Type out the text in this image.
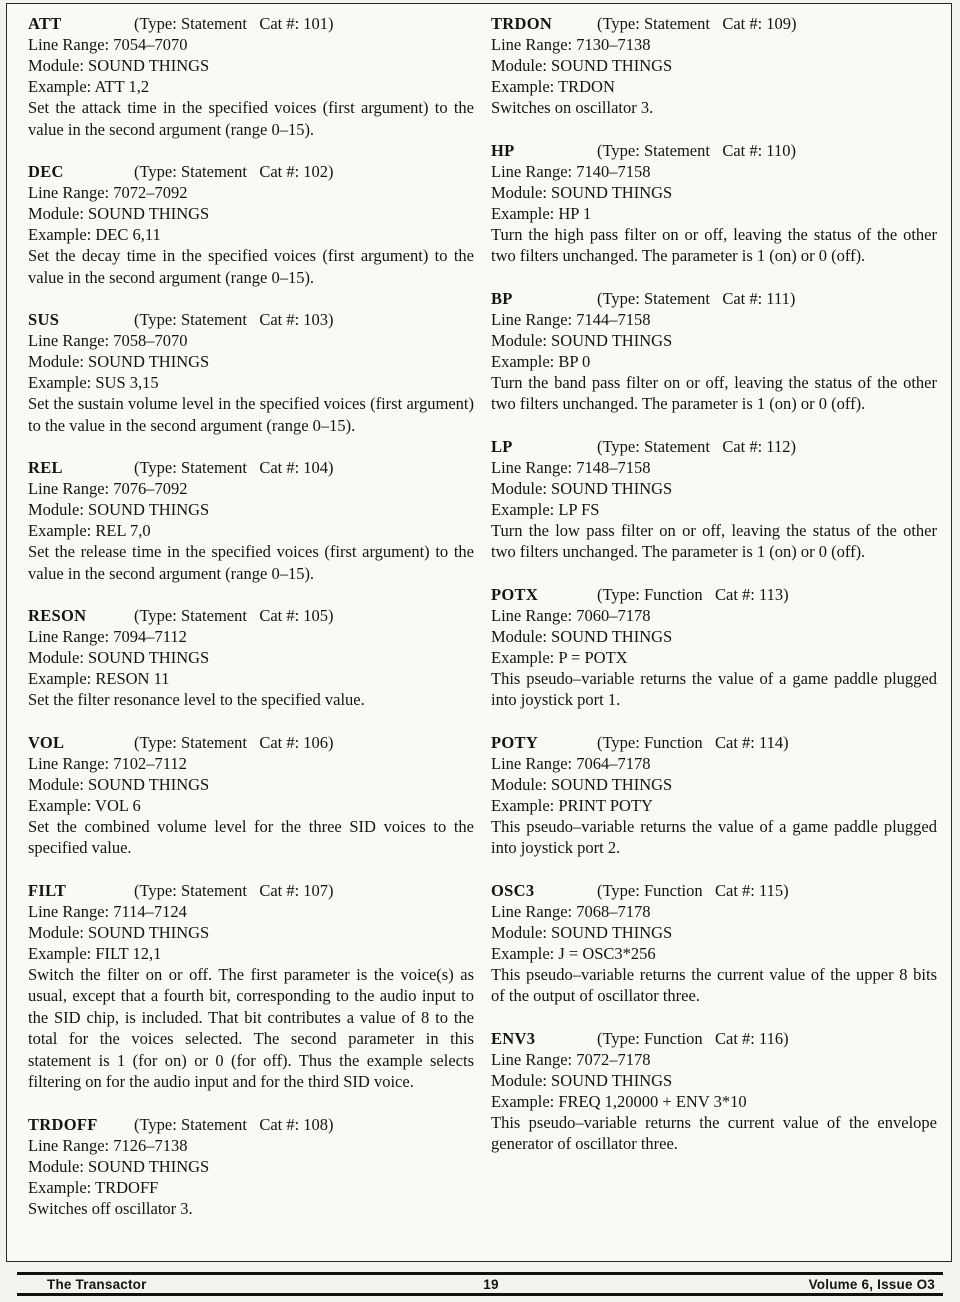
ATT	(Type: Statement   Cat #: 101)
Line Range: 7054–7070
Module: SOUND THINGS
Example: ATT 1,2
Set the attack time in the specified voices (first argument) to the value in the second argument (range 0–15).
DEC	(Type: Statement   Cat #: 102)
Line Range: 7072–7092
Module: SOUND THINGS
Example: DEC 6,11
Set the decay time in the specified voices (first argument) to the value in the second argument (range 0–15).
SUS	(Type: Statement   Cat #: 103)
Line Range: 7058–7070
Module: SOUND THINGS
Example: SUS 3,15
Set the sustain volume level in the specified voices (first argument) to the value in the second argument (range 0–15).
REL	(Type: Statement   Cat #: 104)
Line Range: 7076–7092
Module: SOUND THINGS
Example: REL 7,0
Set the release time in the specified voices (first argument) to the value in the second argument (range 0–15).
RESON	(Type: Statement   Cat #: 105)
Line Range: 7094–7112
Module: SOUND THINGS
Example: RESON 11
Set the filter resonance level to the specified value.
VOL	(Type: Statement   Cat #: 106)
Line Range: 7102–7112
Module: SOUND THINGS
Example: VOL 6
Set the combined volume level for the three SID voices to the specified value.
FILT	(Type: Statement   Cat #: 107)
Line Range: 7114–7124
Module: SOUND THINGS
Example: FILT 12,1
Switch the filter on or off. The first parameter is the voice(s) as usual, except that a fourth bit, corresponding to the audio input to the SID chip, is included. That bit contributes a value of 8 to the total for the voices selected. The second parameter in this statement is 1 (for on) or 0 (for off). Thus the example selects filtering on for the audio input and for the third SID voice.
TRDOFF (Type: Statement   Cat #: 108)
Line Range: 7126–7138
Module: SOUND THINGS
Example: TRDOFF
Switches off oscillator 3.
TRDON	(Type: Statement   Cat #: 109)
Line Range: 7130–7138
Module: SOUND THINGS
Example: TRDON
Switches on oscillator 3.
HP	(Type: Statement   Cat #: 110)
Line Range: 7140–7158
Module: SOUND THINGS
Example: HP 1
Turn the high pass filter on or off, leaving the status of the other two filters unchanged. The parameter is 1 (on) or 0 (off).
BP	(Type: Statement   Cat #: 111)
Line Range: 7144–7158
Module: SOUND THINGS
Example: BP 0
Turn the band pass filter on or off, leaving the status of the other two filters unchanged. The parameter is 1 (on) or 0 (off).
LP	(Type: Statement   Cat #: 112)
Line Range: 7148–7158
Module: SOUND THINGS
Example: LP FS
Turn the low pass filter on or off, leaving the status of the other two filters unchanged. The parameter is 1 (on) or 0 (off).
POTX	(Type: Function   Cat #: 113)
Line Range: 7060–7178
Module: SOUND THINGS
Example: P = POTX
This pseudo–variable returns the value of a game paddle plugged into joystick port 1.
POTY	(Type: Function   Cat #: 114)
Line Range: 7064–7178
Module: SOUND THINGS
Example: PRINT POTY
This pseudo–variable returns the value of a game paddle plugged into joystick port 2.
OSC3	(Type: Function   Cat #: 115)
Line Range: 7068–7178
Module: SOUND THINGS
Example: J = OSC3*256
This pseudo–variable returns the current value of the upper 8 bits of the output of oscillator three.
ENV3	(Type: Function   Cat #: 116)
Line Range: 7072–7178
Module: SOUND THINGS
Example: FREQ 1,20000 + ENV 3*10
This pseudo–variable returns the current value of the envelope generator of oscillator three.
The Transactor	19	Volume 6, Issue O3
